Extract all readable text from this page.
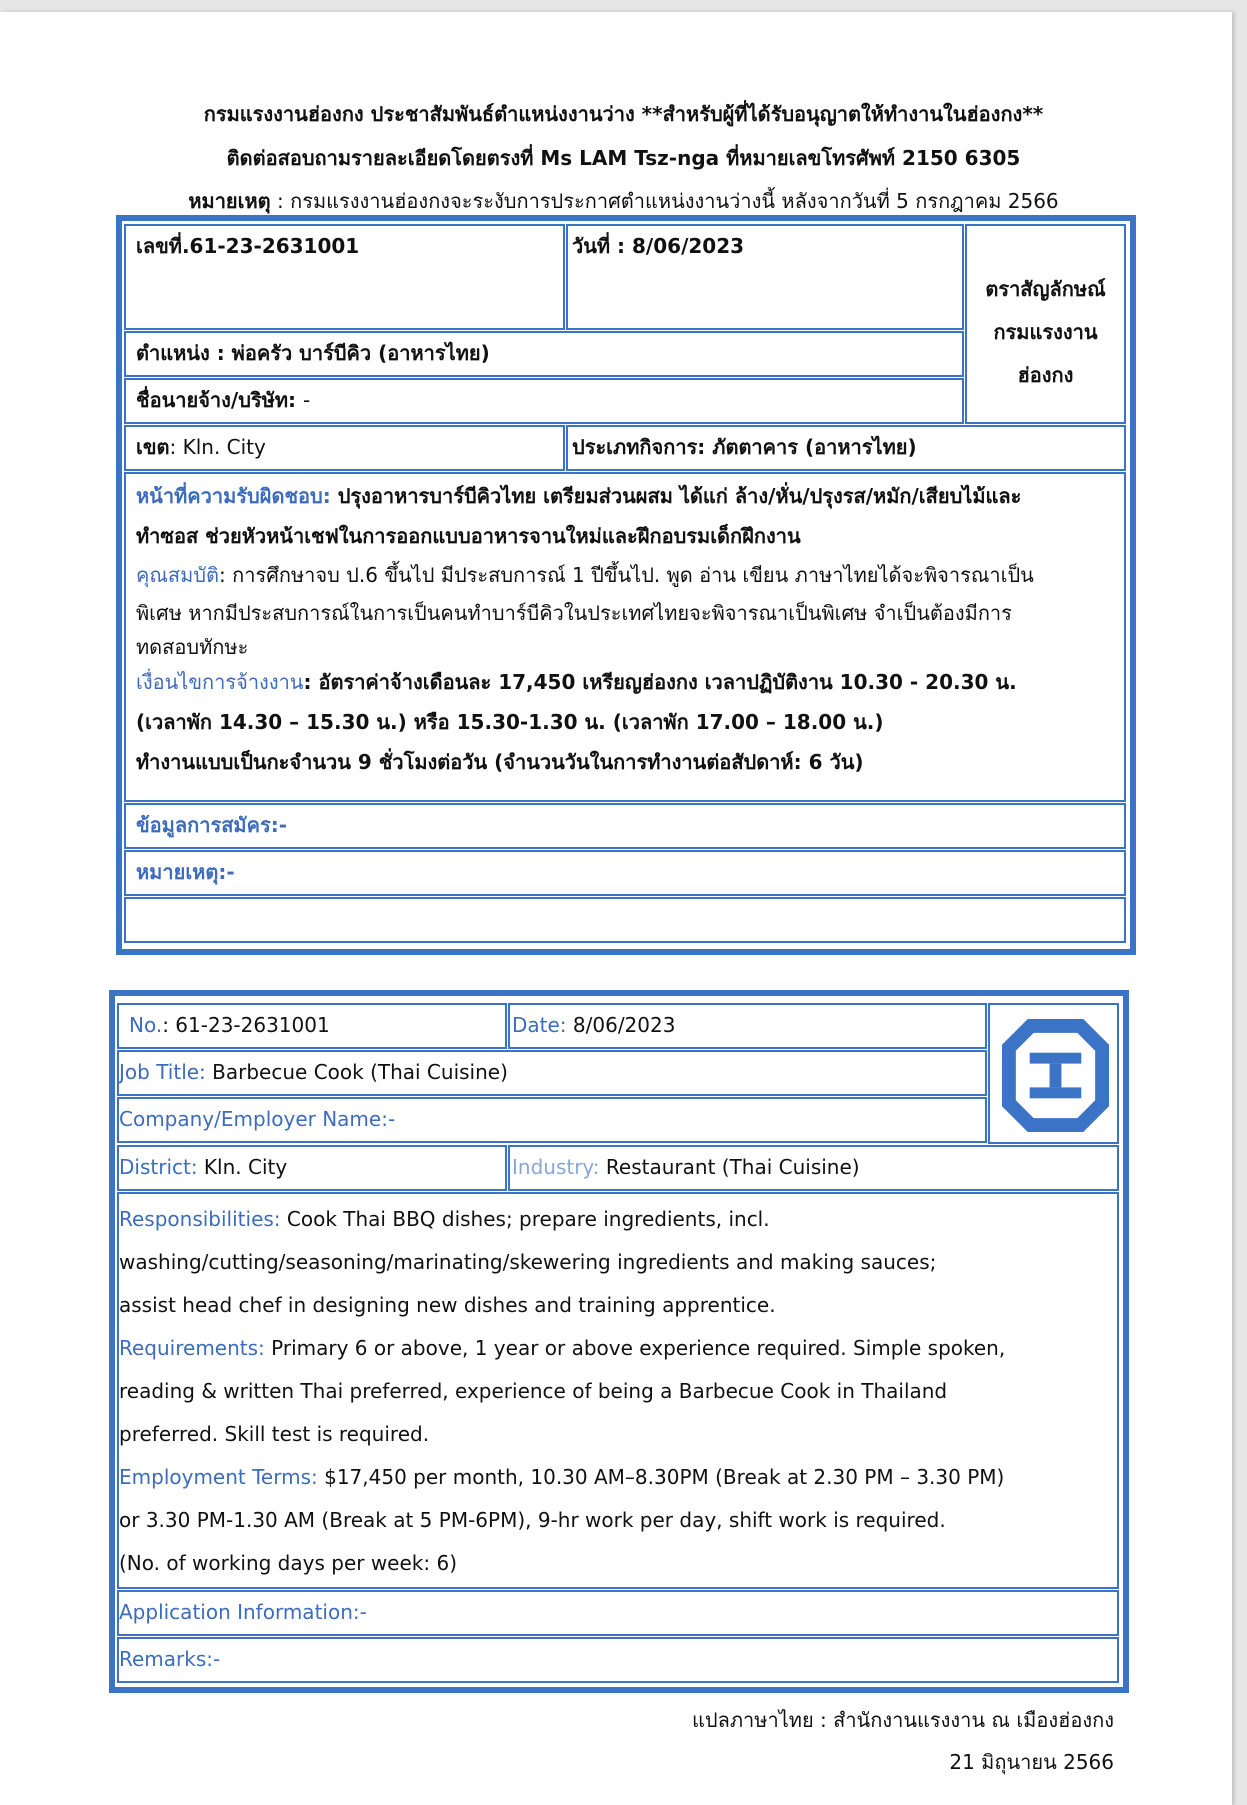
กรมแรงงานฮ่องกง ประชาสัมพันธ์ตำแหน่งงานว่าง **สำหรับผู้ที่ได้รับอนุญาตให้ทำงานในฮ่องกง**
ติดต่อสอบถามรายละเอียดโดยตรงที่ Ms LAM Tsz-nga ที่หมายเลขโทรศัพท์ 2150 6305
หมายเหตุ : กรมแรงงานฮ่องกงจะระงับการประกาศตำแหน่งงานว่างนี้ หลังจากวันที่ 5 กรกฎาคม 2566
เลขที่.61-23-2631001	วันที่ : 8/06/2023
ตราสัญลักษณ์
กรมแรงงาน
ฮ่องกง
ตำแหน่ง : พ่อครัว บาร์บีคิว (อาหารไทย)
ชื่อนายจ้าง/บริษัท: -
เขต: Kln. City	ประเภทกิจการ: ภัตตาคาร (อาหารไทย)

หน้าที่ความรับผิดชอบ: ปรุงอาหารบาร์บีคิวไทย เตรียมส่วนผสม ได้แก่ ล้าง/หั่น/ปรุงรส/หมัก/เสียบไม้และ

ทำซอส ช่วยหัวหน้าเชฟในการออกแบบอาหารจานใหม่และฝึกอบรมเด็กฝึกงาน

คุณสมบัติ: การศึกษาจบ ป.6 ขึ้นไป มีประสบการณ์ 1 ปีขึ้นไป. พูด อ่าน เขียน ภาษาไทยได้จะพิจารณาเป็น

พิเศษ หากมีประสบการณ์ในการเป็นคนทำบาร์บีคิวในประเทศไทยจะพิจารณาเป็นพิเศษ จำเป็นต้องมีการ

ทดสอบทักษะ

เงื่อนไขการจ้างงาน: อัตราค่าจ้างเดือนละ 17,450 เหรียญฮ่องกง เวลาปฏิบัติงาน 10.30 - 20.30 น.

(เวลาพัก 14.30 – 15.30 น.) หรือ 15.30-1.30 น. (เวลาพัก 17.00 – 18.00 น.)

ทำงานแบบเป็นกะจำนวน 9 ชั่วโมงต่อวัน (จำนวนวันในการทำงานต่อสัปดาห์: 6 วัน)

ข้อมูลการสมัคร:-
หมายเหตุ:-
No.: 61-23-2631001	Date: 8/06/2023
Job Title: Barbecue Cook (Thai Cuisine)
Company/Employer Name:-
District: Kln. City	Industry: Restaurant (Thai Cuisine)

Responsibilities: Cook Thai BBQ dishes; prepare ingredients, incl.

washing/cutting/seasoning/marinating/skewering ingredients and making sauces;

assist head chef in designing new dishes and training apprentice.

Requirements: Primary 6 or above, 1 year or above experience required. Simple spoken,

reading & written Thai preferred, experience of being a Barbecue Cook in Thailand

preferred. Skill test is required.

Employment Terms: $17,450 per month, 10.30 AM–8.30PM (Break at 2.30 PM – 3.30 PM)

or 3.30 PM-1.30 AM (Break at 5 PM-6PM), 9-hr work per day, shift work is required.

(No. of working days per week: 6)

Application Information:-
Remarks:-
แปลภาษาไทย : สำนักงานแรงงาน ณ เมืองฮ่องกง
21 มิถุนายน 2566
